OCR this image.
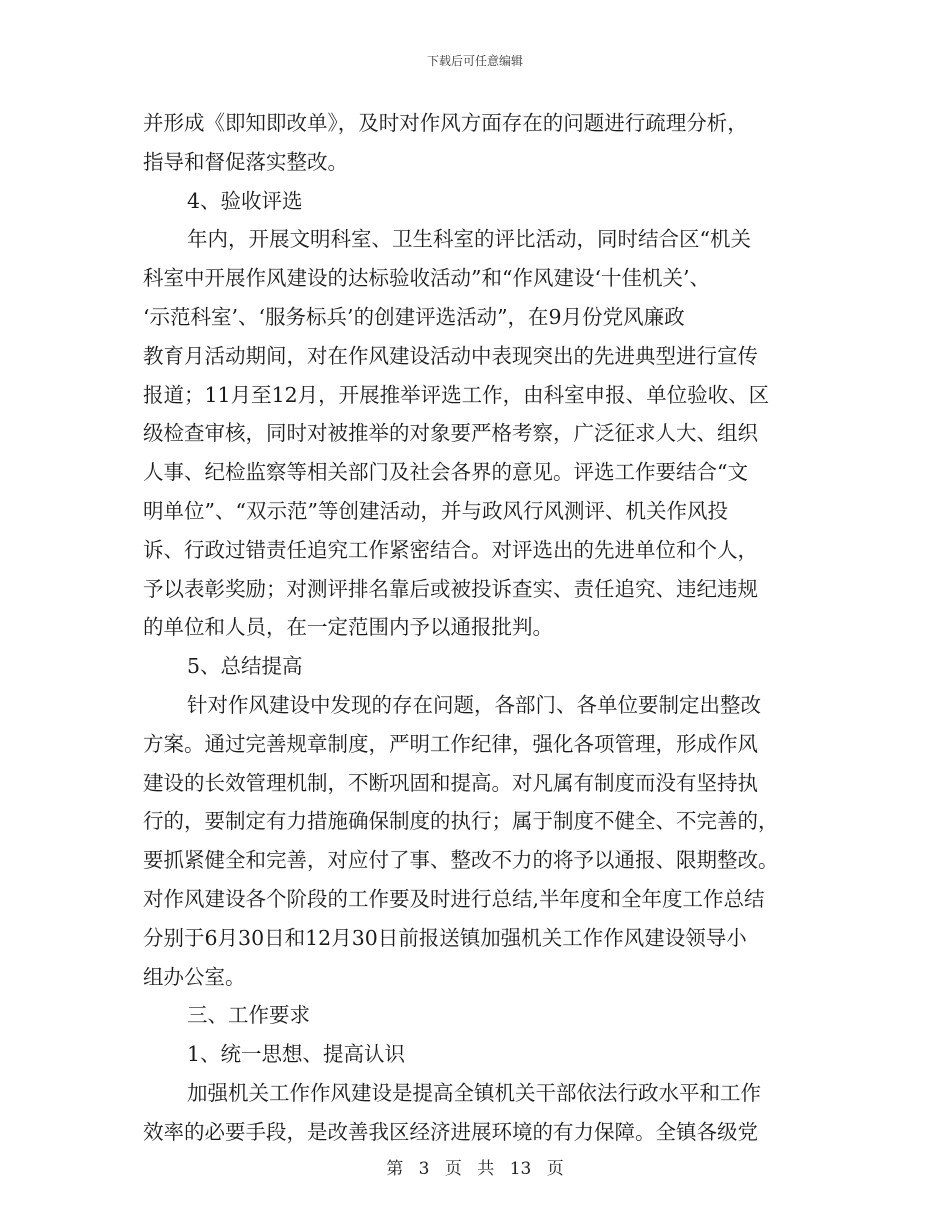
下载后可任意编辑
并形成《即知即改单》，及时对作风方面存在的问题进行疏理分析，
指导和督促落实整改。
4、验收评选
年内，开展文明科室、卫生科室的评比活动，同时结合区“机关
科室中开展作风建设的达标验收活动”和“作风建设‘十佳机关’、
‘示范科室’、‘服务标兵’的创建评选活动”，在9月份党风廉政
教育月活动期间，对在作风建设活动中表现突出的先进典型进行宣传
报道；11月至12月，开展推举评选工作，由科室申报、单位验收、区
级检查审核，同时对被推举的对象要严格考察，广泛征求人大、组织
人事、纪检监察等相关部门及社会各界的意见。评选工作要结合“文
明单位”、“双示范”等创建活动，并与政风行风测评、机关作风投
诉、行政过错责任追究工作紧密结合。对评选出的先进单位和个人，
予以表彰奖励；对测评排名靠后或被投诉查实、责任追究、违纪违规
的单位和人员，在一定范围内予以通报批判。
5、总结提高
针对作风建设中发现的存在问题，各部门、各单位要制定出整改
方案。通过完善规章制度，严明工作纪律，强化各项管理，形成作风
建设的长效管理机制，不断巩固和提高。对凡属有制度而没有坚持执
行的，要制定有力措施确保制度的执行；属于制度不健全、不完善的，
要抓紧健全和完善，对应付了事、整改不力的将予以通报、限期整改。
对作风建设各个阶段的工作要及时进行总结,半年度和全年度工作总结
分别于6月30日和12月30日前报送镇加强机关工作作风建设领导小
组办公室。
三、工作要求
1、统一思想、提高认识
加强机关工作作风建设是提高全镇机关干部依法行政水平和工作
效率的必要手段，是改善我区经济进展环境的有力保障。全镇各级党
第 3 页 共 13 页
